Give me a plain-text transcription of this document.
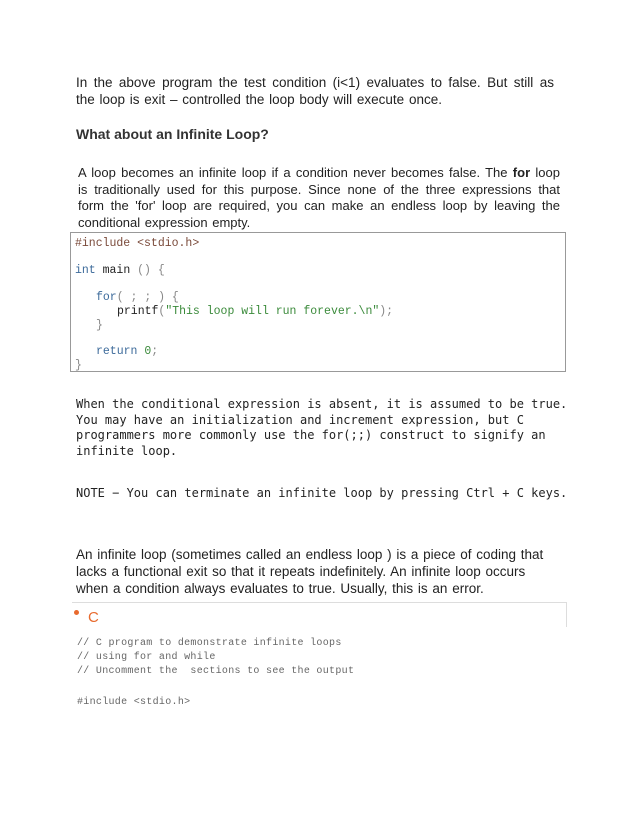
In the above program the test condition (i<1) evaluates to false. But still as the loop is exit – controlled the loop body will execute once.
What about an Infinite Loop?
A loop becomes an infinite loop if a condition never becomes false. The for loop is traditionally used for this purpose. Since none of the three expressions that form the 'for' loop are required, you can make an endless loop by leaving the conditional expression empty.
#include <stdio.h>
int main () {
for( ; ; ) {
printf("This loop will run forever.\n");
}
return 0;
}
When the conditional expression is absent, it is assumed to be true.
You may have an initialization and increment expression, but C
programmers more commonly use the for(;;) construct to signify an
infinite loop.
NOTE − You can terminate an infinite loop by pressing Ctrl + C keys.
An infinite loop (sometimes called an endless loop ) is a piece of coding that lacks a functional exit so that it repeats indefinitely. An infinite loop occurs when a condition always evaluates to true. Usually, this is an error.
C
// C program to demonstrate infinite loops
// using for and while
// Uncomment the  sections to see the output
#include <stdio.h>
